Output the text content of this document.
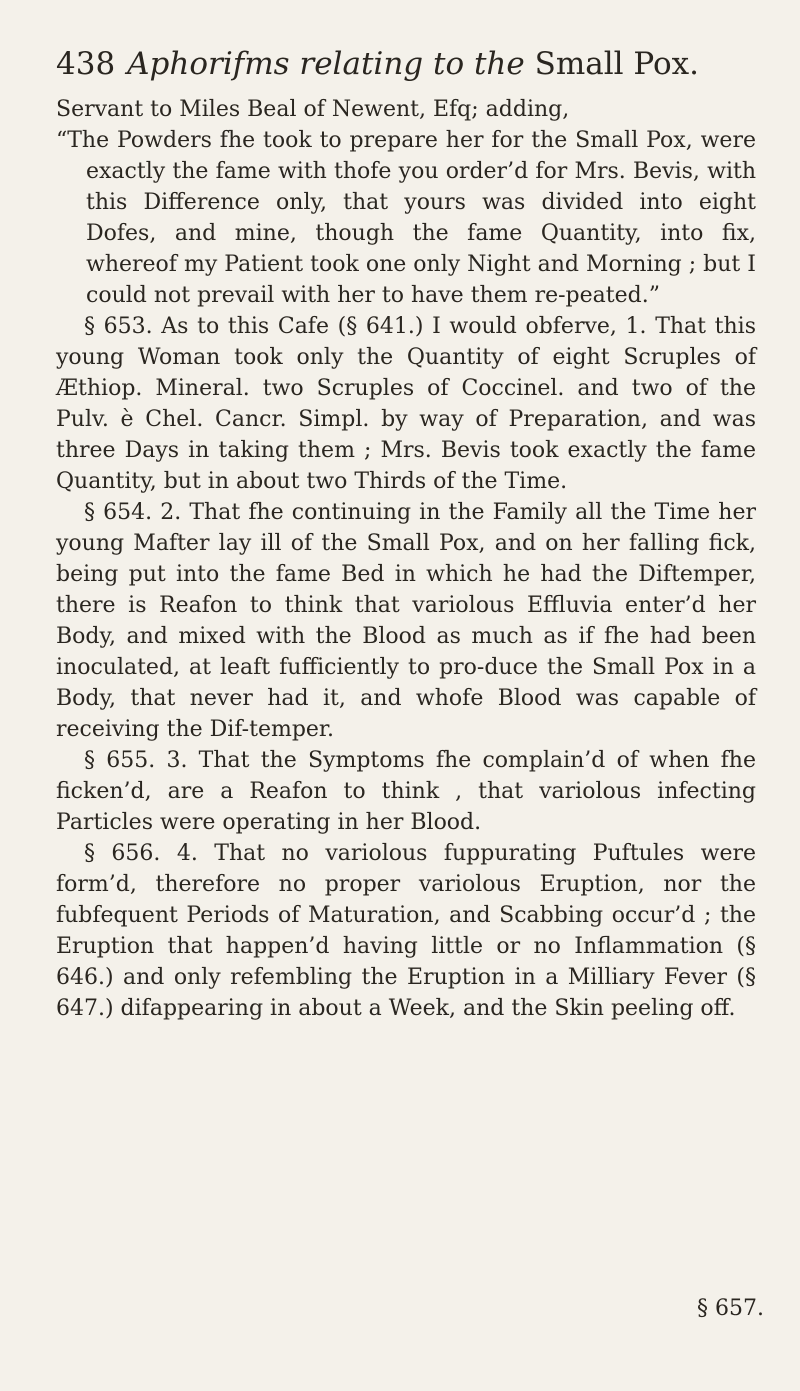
438 Aphorifms relating to the Small Pox.

Servant to Miles Beal of Newent, Efq; adding,

“The Powders fhe took to prepare her for the Small Pox, were exactly the fame with thofe you order’d for Mrs. Bevis, with this Difference only, that yours was divided into eight Dofes, and mine, though the fame Quantity, into fix, whereof my Patient took one only Night and Morning ; but I could not prevail with her to have them re-peated.”

§ 653. As to this Cafe (§ 641.) I would obferve, 1. That this young Woman took only the Quantity of eight Scruples of Æthiop. Mineral. two Scruples of Coccinel. and two of the Pulv. è Chel. Cancr. Simpl. by way of Preparation, and was three Days in taking them ; Mrs. Bevis took exactly the fame Quantity, but in about two Thirds of the Time.

§ 654. 2. That fhe continuing in the Family all the Time her young Mafter lay ill of the Small Pox, and on her falling fick, being put into the fame Bed in which he had the Diftemper, there is Reafon to think that variolous Effluvia enter’d her Body, and mixed with the Blood as much as if fhe had been inoculated, at leaft fufficiently to pro-duce the Small Pox in a Body, that never had it, and whofe Blood was capable of receiving the Dif-temper.

§ 655. 3. That the Symptoms fhe complain’d of when fhe ficken’d, are a Reafon to think , that variolous infecting Particles were operating in her Blood.

§ 656. 4. That no variolous fuppurating Puftules were form’d, therefore no proper variolous Eruption, nor the fubfequent Periods of Maturation, and Scabbing occur’d ; the Eruption that happen’d having little or no Inflammation (§ 646.) and only refembling the Eruption in a Milliary Fever (§ 647.) difappearing in about a Week, and the Skin peeling off.

§ 657.
